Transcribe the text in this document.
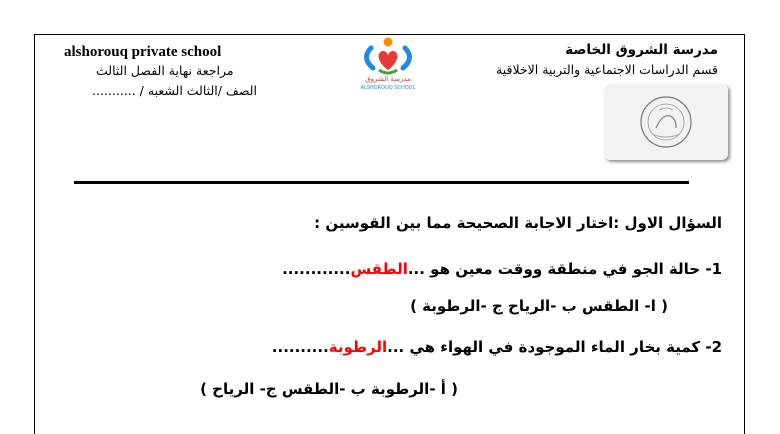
alshorouq private school
مراجعة نهاية الفصل الثالث
الصف /الثالث الشعبه / ...........
مدرسة الشروق
ALSHOROUQ SCHOOL
مدرسة الشروق الخاصة
قسم الدراسات الاجتماعية والتربية الاخلاقية
السؤال الاول :اختار الاجابة الصحيحة مما بين القوسين :
1- حالة الجو في منطقة ووقت معين هو ...الطقس............
( ا- الطقس ب -الرياح ج -الرطوبة )
2- كمية بخار الماء الموجودة في الهواء هي ...الرطوبة..........
( أ -الرطوبة ب -الطقس ج- الرياح )
